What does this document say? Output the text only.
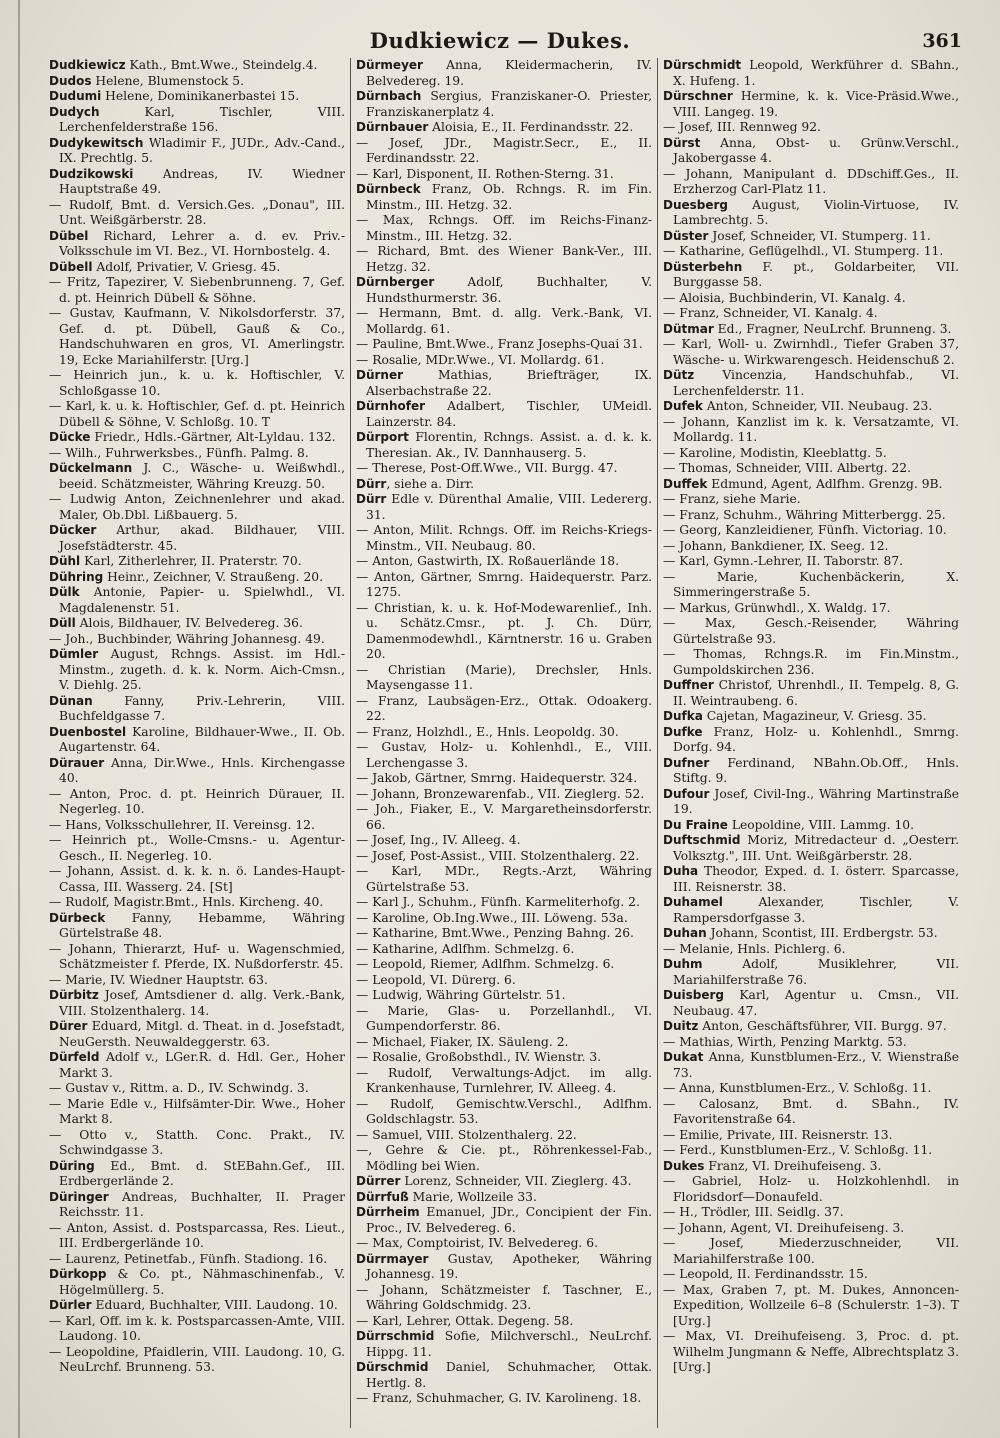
Dudkiewicz — Dukes.	361

Dudkiewicz Kath., Bmt.Wwe., Steindelg.4.

Dudos Helene, Blumenstock 5.

Dudumi Helene, Dominikanerbastei 15.

Dudych Karl, Tischler, VIII. Lerchenfelderstraße 156.

Dudykewitsch Wladimir F., JUDr., Adv.-Cand., IX. Prechtlg. 5.

Dudzikowski Andreas, IV. Wiedner Hauptstraße 49.

— Rudolf, Bmt. d. Versich.Ges. „Donau", III. Unt. Weißgärberstr. 28.

Dübel Richard, Lehrer a. d. ev. Priv.-Volksschule im VI. Bez., VI. Hornbostelg. 4.

Dübell Adolf, Privatier, V. Griesg. 45.

— Fritz, Tapezirer, V. Siebenbrunneng. 7, Gef. d. pt. Heinrich Dübell & Söhne.

— Gustav, Kaufmann, V. Nikolsdorferstr. 37, Gef. d. pt. Dübell, Gauß & Co., Handschuhwaren en gros, VI. Amerlingstr. 19, Ecke Mariahilferstr. [Urg.]

— Heinrich jun., k. u. k. Hoftischler, V. Schloßgasse 10.

— Karl, k. u. k. Hoftischler, Gef. d. pt. Heinrich Dübell & Söhne, V. Schloßg. 10. T

Dücke Friedr., Hdls.-Gärtner, Alt-Lyldau. 132.

— Wilh., Fuhrwerksbes., Fünfh. Palmg. 8.

Dückelmann J. C., Wäsche- u. Weißwhdl., beeid. Schätzmeister, Währing Kreuzg. 50.

— Ludwig Anton, Zeichnenlehrer und akad. Maler, Ob.Dbl. Lißbauerg. 5.

Dücker Arthur, akad. Bildhauer, VIII. Josefstädterstr. 45.

Dühl Karl, Zitherlehrer, II. Praterstr. 70.

Dühring Heinr., Zeichner, V. Straußeng. 20.

Dülk Antonie, Papier- u. Spielwhdl., VI. Magdalenenstr. 51.

Düll Alois, Bildhauer, IV. Belvedereg. 36.

— Joh., Buchbinder, Währing Johannesg. 49.

Dümler August, Rchngs. Assist. im Hdl.-Minstm., zugeth. d. k. k. Norm. Aich-Cmsn., V. Diehlg. 25.

Dünan Fanny, Priv.-Lehrerin, VIII. Buchfeldgasse 7.

Duenbostel Karoline, Bildhauer-Wwe., II. Ob. Augartenstr. 64.

Dürauer Anna, Dir.Wwe., Hnls. Kirchengasse 40.

— Anton, Proc. d. pt. Heinrich Dürauer, II. Negerleg. 10.

— Hans, Volksschullehrer, II. Vereinsg. 12.

— Heinrich pt., Wolle-Cmsns.- u. Agentur-Gesch., II. Negerleg. 10.

— Johann, Assist. d. k. k. n. ö. Landes-Haupt-Cassa, III. Wasserg. 24. [St]

— Rudolf, Magistr.Bmt., Hnls. Kircheng. 40.

Dürbeck Fanny, Hebamme, Währing Gürtelstraße 48.

— Johann, Thierarzt, Huf- u. Wagenschmied, Schätzmeister f. Pferde, IX. Nußdorferstr. 45.

— Marie, IV. Wiedner Hauptstr. 63.

Dürbitz Josef, Amtsdiener d. allg. Verk.-Bank, VIII. Stolzenthalerg. 14.

Dürer Eduard, Mitgl. d. Theat. in d. Josefstadt, NeuGersth. Neuwaldeggerstr. 63.

Dürfeld Adolf v., LGer.R. d. Hdl. Ger., Hoher Markt 3.

— Gustav v., Rittm. a. D., IV. Schwindg. 3.

— Marie Edle v., Hilfsämter-Dir. Wwe., Hoher Markt 8.

— Otto v., Statth. Conc. Prakt., IV. Schwindgasse 3.

Düring Ed., Bmt. d. StEBahn.Gef., III. Erdbergerlände 2.

Düringer Andreas, Buchhalter, II. Prager Reichsstr. 11.

— Anton, Assist. d. Postsparcassa, Res. Lieut., III. Erdbergerlände 10.

— Laurenz, Petinetfab., Fünfh. Stadiong. 16.

Dürkopp & Co. pt., Nähmaschinenfab., V. Högelmüllerg. 5.

Dürler Eduard, Buchhalter, VIII. Laudong. 10.

— Karl, Off. im k. k. Postsparcassen-Amte, VIII. Laudong. 10.

— Leopoldine, Pfaidlerin, VIII. Laudong. 10, G. NeuLrchf. Brunneng. 53.

Dürmeyer Anna, Kleidermacherin, IV. Belvedereg. 19.

Dürnbach Sergius, Franziskaner-O. Priester, Franziskanerplatz 4.

Dürnbauer Aloisia, E., II. Ferdinandsstr. 22.

— Josef, JDr., Magistr.Secr., E., II. Ferdinandsstr. 22.

— Karl, Disponent, II. Rothen-Sterng. 31.

Dürnbeck Franz, Ob. Rchngs. R. im Fin. Minstm., III. Hetzg. 32.

— Max, Rchngs. Off. im Reichs-Finanz-Minstm., III. Hetzg. 32.

— Richard, Bmt. des Wiener Bank-Ver., III. Hetzg. 32.

Dürnberger Adolf, Buchhalter, V. Hundsthurmerstr. 36.

— Hermann, Bmt. d. allg. Verk.-Bank, VI. Mollardg. 61.

— Pauline, Bmt.Wwe., Franz Josephs-Quai 31.

— Rosalie, MDr.Wwe., VI. Mollardg. 61.

Dürner Mathias, Briefträger, IX. Alserbachstraße 22.

Dürnhofer Adalbert, Tischler, UMeidl. Lainzerstr. 84.

Dürport Florentin, Rchngs. Assist. a. d. k. k. Theresian. Ak., IV. Dannhauserg. 5.

— Therese, Post-Off.Wwe., VII. Burgg. 47.

Dürr, siehe a. Dirr.

Dürr Edle v. Dürenthal Amalie, VIII. Ledererg. 31.

— Anton, Milit. Rchngs. Off. im Reichs-Kriegs-Minstm., VII. Neubaug. 80.

— Anton, Gastwirth, IX. Roßauerlände 18.

— Anton, Gärtner, Smrng. Haidequerstr. Parz. 1275.

— Christian, k. u. k. Hof-Modewarenlief., Inh. u. Schätz.Cmsr., pt. J. Ch. Dürr, Damenmodewhdl., Kärntnerstr. 16 u. Graben 20.

— Christian (Marie), Drechsler, Hnls. Maysengasse 11.

— Franz, Laubsägen-Erz., Ottak. Odoakerg. 22.

— Franz, Holzhdl., E., Hnls. Leopoldg. 30.

— Gustav, Holz- u. Kohlenhdl., E., VIII. Lerchengasse 3.

— Jakob, Gärtner, Smrng. Haidequerstr. 324.

— Johann, Bronzewarenfab., VII. Zieglerg. 52.

— Joh., Fiaker, E., V. Margaretheinsdorferstr. 66.

— Josef, Ing., IV. Alleeg. 4.

— Josef, Post-Assist., VIII. Stolzenthalerg. 22.

— Karl, MDr., Regts.-Arzt, Währing Gürtelstraße 53.

— Karl J., Schuhm., Fünfh. Karmeliterhofg. 2.

— Karoline, Ob.Ing.Wwe., III. Löweng. 53a.

— Katharine, Bmt.Wwe., Penzing Bahng. 26.

— Katharine, Adlfhm. Schmelzg. 6.

— Leopold, Riemer, Adlfhm. Schmelzg. 6.

— Leopold, VI. Dürerg. 6.

— Ludwig, Währing Gürtelstr. 51.

— Marie, Glas- u. Porzellanhdl., VI. Gumpendorferstr. 86.

— Michael, Fiaker, IX. Säuleng. 2.

— Rosalie, Großobsthdl., IV. Wienstr. 3.

— Rudolf, Verwaltungs-Adjct. im allg. Krankenhause, Turnlehrer, IV. Alleeg. 4.

— Rudolf, Gemischtw.Verschl., Adlfhm. Goldschlagstr. 53.

— Samuel, VIII. Stolzenthalerg. 22.

—, Gehre & Cie. pt., Röhrenkessel-Fab., Mödling bei Wien.

Dürrer Lorenz, Schneider, VII. Zieglerg. 43.

Dürrfuß Marie, Wollzeile 33.

Dürrheim Emanuel, JDr., Concipient der Fin. Proc., IV. Belvedereg. 6.

— Max, Comptoirist, IV. Belvedereg. 6.

Dürrmayer Gustav, Apotheker, Währing Johannesg. 19.

— Johann, Schätzmeister f. Taschner, E., Währing Goldschmidg. 23.

— Karl, Lehrer, Ottak. Degeng. 58.

Dürrschmid Sofie, Milchverschl., NeuLrchf. Hippg. 11.

Dürschmid Daniel, Schuhmacher, Ottak. Hertlg. 8.

— Franz, Schuhmacher, G. IV. Karolineng. 18.

Dürschmidt Leopold, Werkführer d. SBahn., X. Hufeng. 1.

Dürschner Hermine, k. k. Vice-Präsid.Wwe., VIII. Langeg. 19.

— Josef, III. Rennweg 92.

Dürst Anna, Obst- u. Grünw.Verschl., Jakobergasse 4.

— Johann, Manipulant d. DDschiff.Ges., II. Erzherzog Carl-Platz 11.

Duesberg August, Violin-Virtuose, IV. Lambrechtg. 5.

Düster Josef, Schneider, VI. Stumperg. 11.

— Katharine, Geflügelhdl., VI. Stumperg. 11.

Düsterbehn F. pt., Goldarbeiter, VII. Burggasse 58.

— Aloisia, Buchbinderin, VI. Kanalg. 4.

— Franz, Schneider, VI. Kanalg. 4.

Dütmar Ed., Fragner, NeuLrchf. Brunneng. 3.

— Karl, Woll- u. Zwirnhdl., Tiefer Graben 37, Wäsche- u. Wirkwarengesch. Heidenschuß 2.

Dütz Vincenzia, Handschuhfab., VI. Lerchenfelderstr. 11.

Dufek Anton, Schneider, VII. Neubaug. 23.

— Johann, Kanzlist im k. k. Versatzamte, VI. Mollardg. 11.

— Karoline, Modistin, Kleeblattg. 5.

— Thomas, Schneider, VIII. Albertg. 22.

Duffek Edmund, Agent, Adlfhm. Grenzg. 9B.

— Franz, siehe Marie.

— Franz, Schuhm., Währing Mitterbergg. 25.

— Georg, Kanzleidiener, Fünfh. Victoriag. 10.

— Johann, Bankdiener, IX. Seeg. 12.

— Karl, Gymn.-Lehrer, II. Taborstr. 87.

— Marie, Kuchenbäckerin, X. Simmeringerstraße 5.

— Markus, Grünwhdl., X. Waldg. 17.

— Max, Gesch.-Reisender, Währing Gürtelstraße 93.

— Thomas, Rchngs.R. im Fin.Minstm., Gumpoldskirchen 236.

Duffner Christof, Uhrenhdl., II. Tempelg. 8, G. II. Weintraubeng. 6.

Dufka Cajetan, Magazineur, V. Griesg. 35.

Dufke Franz, Holz- u. Kohlenhdl., Smrng. Dorfg. 94.

Dufner Ferdinand, NBahn.Ob.Off., Hnls. Stiftg. 9.

Dufour Josef, Civil-Ing., Währing Martinstraße 19.

Du Fraine Leopoldine, VIII. Lammg. 10.

Duftschmid Moriz, Mitredacteur d. „Oesterr. Volksztg.", III. Unt. Weißgärberstr. 28.

Duha Theodor, Exped. d. I. österr. Sparcasse, III. Reisnerstr. 38.

Duhamel Alexander, Tischler, V. Rampersdorfgasse 3.

Duhan Johann, Scontist, III. Erdbergstr. 53.

— Melanie, Hnls. Pichlerg. 6.

Duhm Adolf, Musiklehrer, VII. Mariahilferstraße 76.

Duisberg Karl, Agentur u. Cmsn., VII. Neubaug. 47.

Duitz Anton, Geschäftsführer, VII. Burgg. 97.

— Mathias, Wirth, Penzing Marktg. 53.

Dukat Anna, Kunstblumen-Erz., V. Wienstraße 73.

— Anna, Kunstblumen-Erz., V. Schloßg. 11.

— Calosanz, Bmt. d. SBahn., IV. Favoritenstraße 64.

— Emilie, Private, III. Reisnerstr. 13.

— Ferd., Kunstblumen-Erz., V. Schloßg. 11.

Dukes Franz, VI. Dreihufeiseng. 3.

— Gabriel, Holz- u. Holzkohlenhdl. in Floridsdorf—Donaufeld.

— H., Trödler, III. Seidlg. 37.

— Johann, Agent, VI. Dreihufeiseng. 3.

— Josef, Miederzuschneider, VII. Mariahilferstraße 100.

— Leopold, II. Ferdinandsstr. 15.

— Max, Graben 7, pt. M. Dukes, Annoncen-Expedition, Wollzeile 6–8 (Schulerstr. 1–3). T [Urg.]

— Max, VI. Dreihufeiseng. 3, Proc. d. pt. Wilhelm Jungmann & Neffe, Albrechtsplatz 3. [Urg.]
